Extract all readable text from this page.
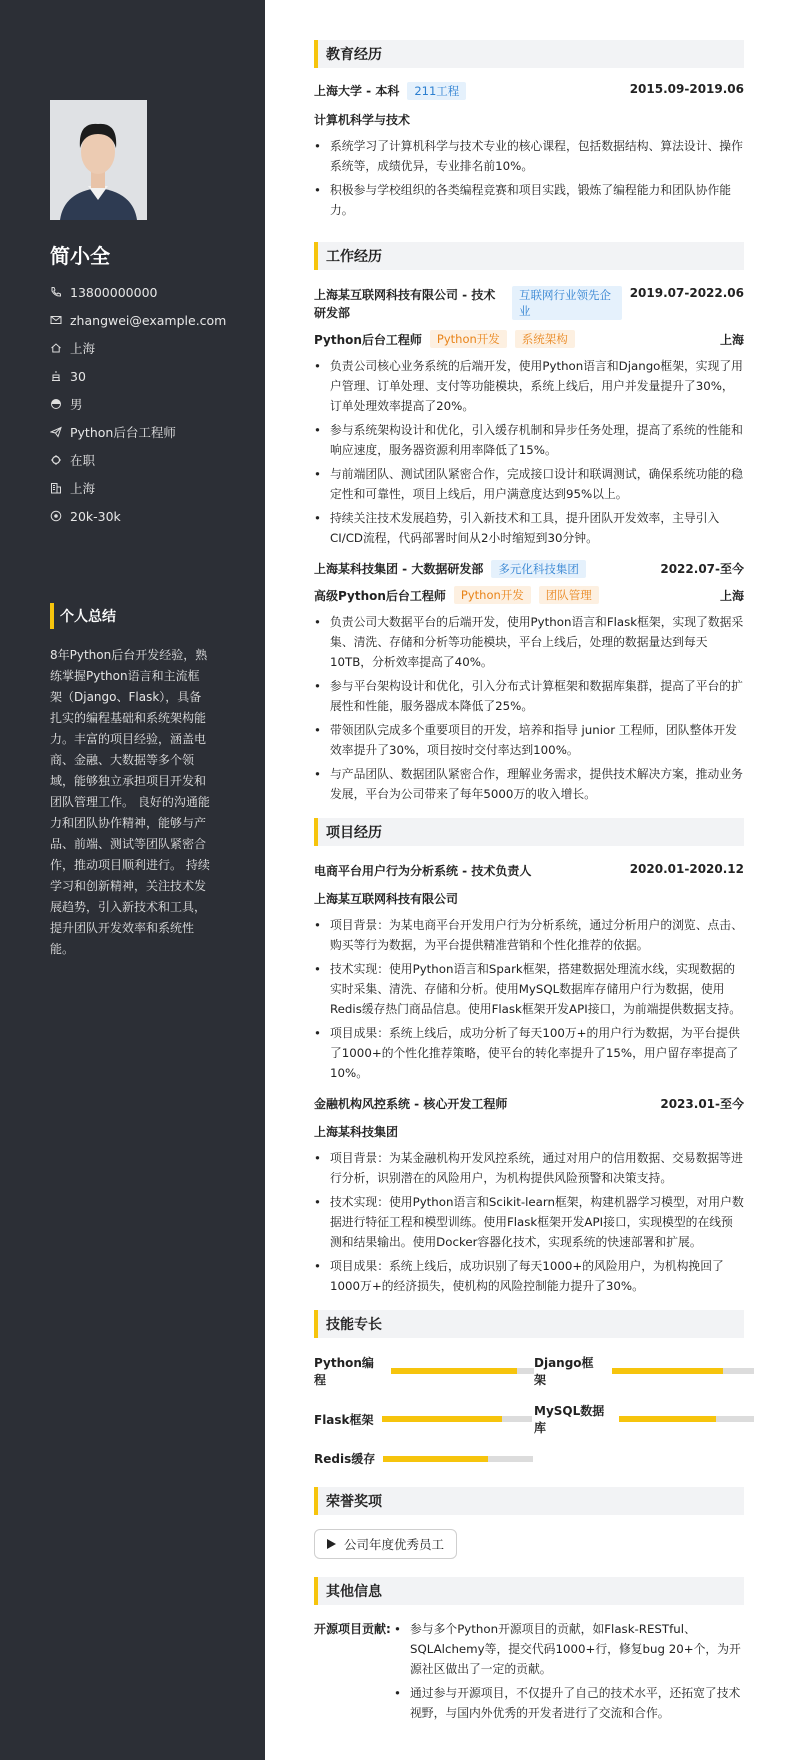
简小全
13800000000
zhangwei@example.com
上海
30
男
Python后台工程师
在职
上海
20k-30k
个人总结
8年Python后台开发经验，熟练掌握Python语言和主流框架（Django、Flask），具备扎实的编程基础和系统架构能力。丰富的项目经验，涵盖电商、金融、大数据等多个领域，能够独立承担项目开发和团队管理工作。 良好的沟通能力和团队协作精神，能够与产品、前端、测试等团队紧密合作，推动项目顺利进行。 持续学习和创新精神，关注技术发展趋势，引入新技术和工具，提升团队开发效率和系统性能。
教育经历
上海大学 - 本科	211工程	2015.09-2019.06
计算机科学与技术
• 系统学习了计算机科学与技术专业的核心课程，包括数据结构、算法设计、操作系统等，成绩优异，专业排名前10%。
• 积极参与学校组织的各类编程竞赛和项目实践，锻炼了编程能力和团队协作能力。
工作经历
上海某互联网科技有限公司 - 技术研发部
互联网行业领先企业
2019.07-2022.06
Python后台工程师	Python开发	系统架构	上海
• 负责公司核心业务系统的后端开发，使用Python语言和Django框架，实现了用户管理、订单处理、支付等功能模块，系统上线后，用户并发量提升了30%，订单处理效率提高了20%。
• 参与系统架构设计和优化，引入缓存机制和异步任务处理，提高了系统的性能和响应速度，服务器资源利用率降低了15%。
• 与前端团队、测试团队紧密合作，完成接口设计和联调测试，确保系统功能的稳定性和可靠性，项目上线后，用户满意度达到95%以上。
• 持续关注技术发展趋势，引入新技术和工具，提升团队开发效率，主导引入CI/CD流程，代码部署时间从2小时缩短到30分钟。
上海某科技集团 - 大数据研发部	多元化科技集团	2022.07-至今
高级Python后台工程师	Python开发	团队管理	上海
• 负责公司大数据平台的后端开发，使用Python语言和Flask框架，实现了数据采集、清洗、存储和分析等功能模块，平台上线后，处理的数据量达到每天10TB，分析效率提高了40%。
• 参与平台架构设计和优化，引入分布式计算框架和数据库集群，提高了平台的扩展性和性能，服务器成本降低了25%。
• 带领团队完成多个重要项目的开发，培养和指导 junior 工程师，团队整体开发效率提升了30%，项目按时交付率达到100%。
• 与产品团队、数据团队紧密合作，理解业务需求，提供技术解决方案，推动业务发展，平台为公司带来了每年5000万的收入增长。
项目经历
电商平台用户行为分析系统 - 技术负责人	2020.01-2020.12
上海某互联网科技有限公司
• 项目背景：为某电商平台开发用户行为分析系统，通过分析用户的浏览、点击、购买等行为数据，为平台提供精准营销和个性化推荐的依据。
• 技术实现：使用Python语言和Spark框架，搭建数据处理流水线，实现数据的实时采集、清洗、存储和分析。使用MySQL数据库存储用户行为数据，使用Redis缓存热门商品信息。使用Flask框架开发API接口，为前端提供数据支持。
• 项目成果：系统上线后，成功分析了每天100万+的用户行为数据，为平台提供了1000+的个性化推荐策略，使平台的转化率提升了15%，用户留存率提高了10%。
金融机构风控系统 - 核心开发工程师	2023.01-至今
上海某科技集团
• 项目背景：为某金融机构开发风控系统，通过对用户的信用数据、交易数据等进行分析，识别潜在的风险用户，为机构提供风险预警和决策支持。
• 技术实现：使用Python语言和Scikit-learn框架，构建机器学习模型，对用户数据进行特征工程和模型训练。使用Flask框架开发API接口，实现模型的在线预测和结果输出。使用Docker容器化技术，实现系统的快速部署和扩展。
• 项目成果：系统上线后，成功识别了每天1000+的风险用户，为机构挽回了1000万+的经济损失，使机构的风险控制能力提升了30%。
技能专长
Python编程
Django框架
Flask框架
MySQL数据库
Redis缓存
荣誉奖项
公司年度优秀员工
其他信息
开源项目贡献:
•	参与多个Python开源项目的贡献，如Flask-RESTful、SQLAlchemy等，提交代码1000+行，修复bug 20+个，为开源社区做出了一定的贡献。
• 通过参与开源项目，不仅提升了自己的技术水平，还拓宽了技术视野，与国内外优秀的开发者进行了交流和合作。
